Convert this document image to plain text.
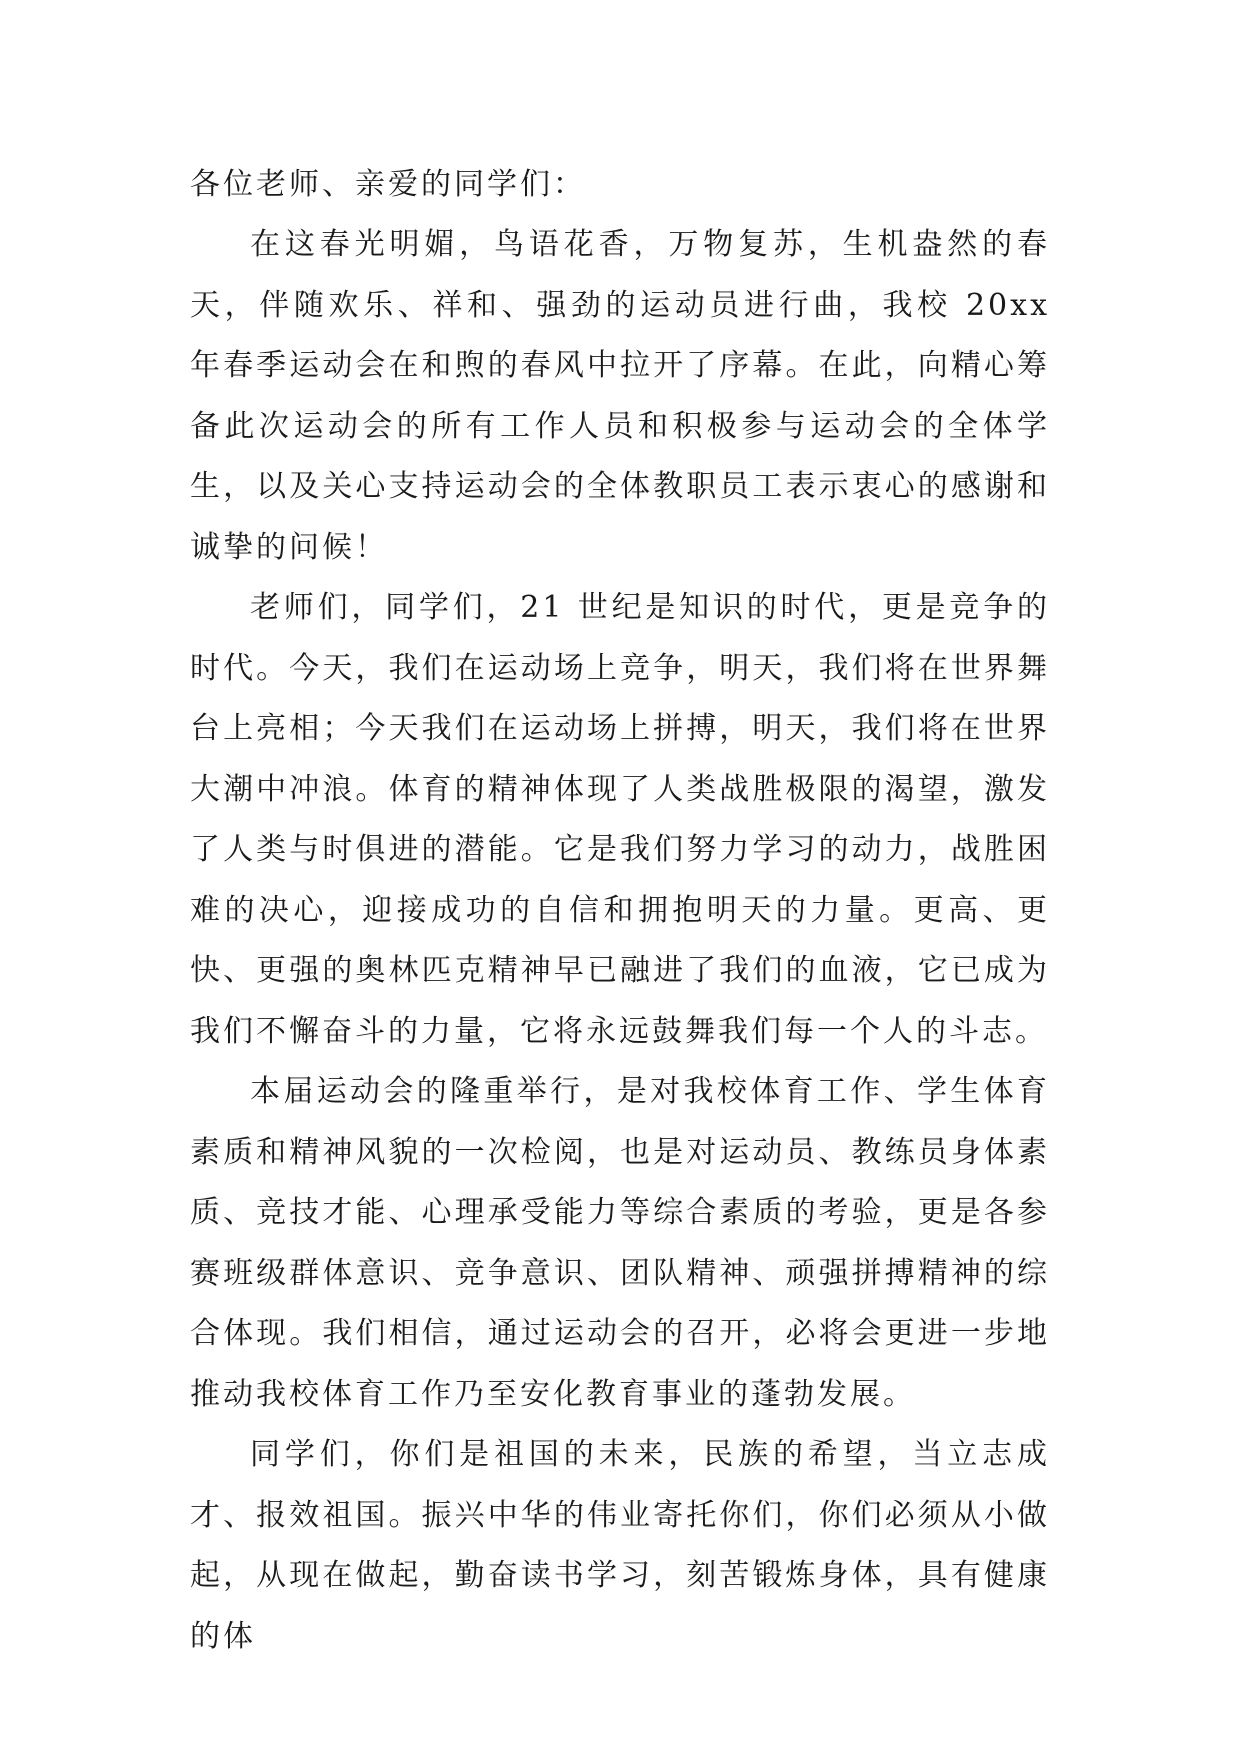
各位老师、亲爱的同学们：

在这春光明媚，鸟语花香，万物复苏，生机盎然的春天，伴随欢乐、祥和、强劲的运动员进行曲，我校 20xx 年春季运动会在和煦的春风中拉开了序幕。在此，向精心筹备此次运动会的所有工作人员和积极参与运动会的全体学生，以及关心支持运动会的全体教职员工表示衷心的感谢和诚挚的问候！

老师们，同学们，21 世纪是知识的时代，更是竞争的时代。今天，我们在运动场上竞争，明天，我们将在世界舞台上亮相；今天我们在运动场上拼搏，明天，我们将在世界大潮中冲浪。体育的精神体现了人类战胜极限的渴望，激发了人类与时俱进的潜能。它是我们努力学习的动力，战胜困难的决心，迎接成功的自信和拥抱明天的力量。更高、更快、更强的奥林匹克精神早已融进了我们的血液，它已成为我们不懈奋斗的力量，它将永远鼓舞我们每一个人的斗志。

本届运动会的隆重举行，是对我校体育工作、学生体育素质和精神风貌的一次检阅，也是对运动员、教练员身体素质、竞技才能、心理承受能力等综合素质的考验，更是各参赛班级群体意识、竞争意识、团队精神、顽强拼搏精神的综合体现。我们相信，通过运动会的召开，必将会更进一步地推动我校体育工作乃至安化教育事业的蓬勃发展。

同学们，你们是祖国的未来，民族的希望，当立志成才、报效祖国。振兴中华的伟业寄托你们，你们必须从小做起，从现在做起，勤奋读书学习，刻苦锻炼身体，具有健康的体
